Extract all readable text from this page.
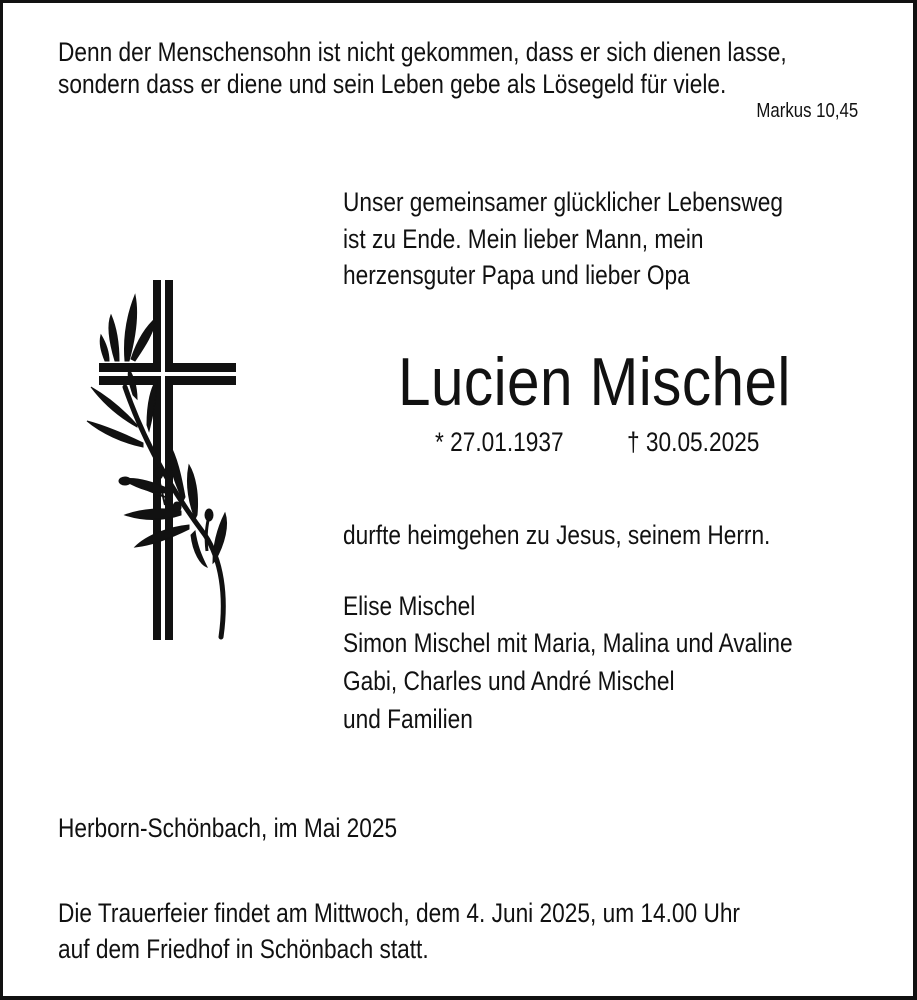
Denn der Menschensohn ist nicht gekommen, dass er sich dienen lasse,
sondern dass er diene und sein Leben gebe als Lösegeld für viele.
Markus 10,45
Unser gemeinsamer glücklicher Lebensweg
ist zu Ende. Mein lieber Mann, mein
herzensguter Papa und lieber Opa
Lucien Mischel
* 27.01.1937 † 30.05.2025
durfte heimgehen zu Jesus, seinem Herrn.
Elise Mischel
Simon Mischel mit Maria, Malina und Avaline
Gabi, Charles und André Mischel
und Familien
Herborn-Schönbach, im Mai 2025
Die Trauerfeier findet am Mittwoch, dem 4. Juni 2025, um 14.00 Uhr
auf dem Friedhof in Schönbach statt.
